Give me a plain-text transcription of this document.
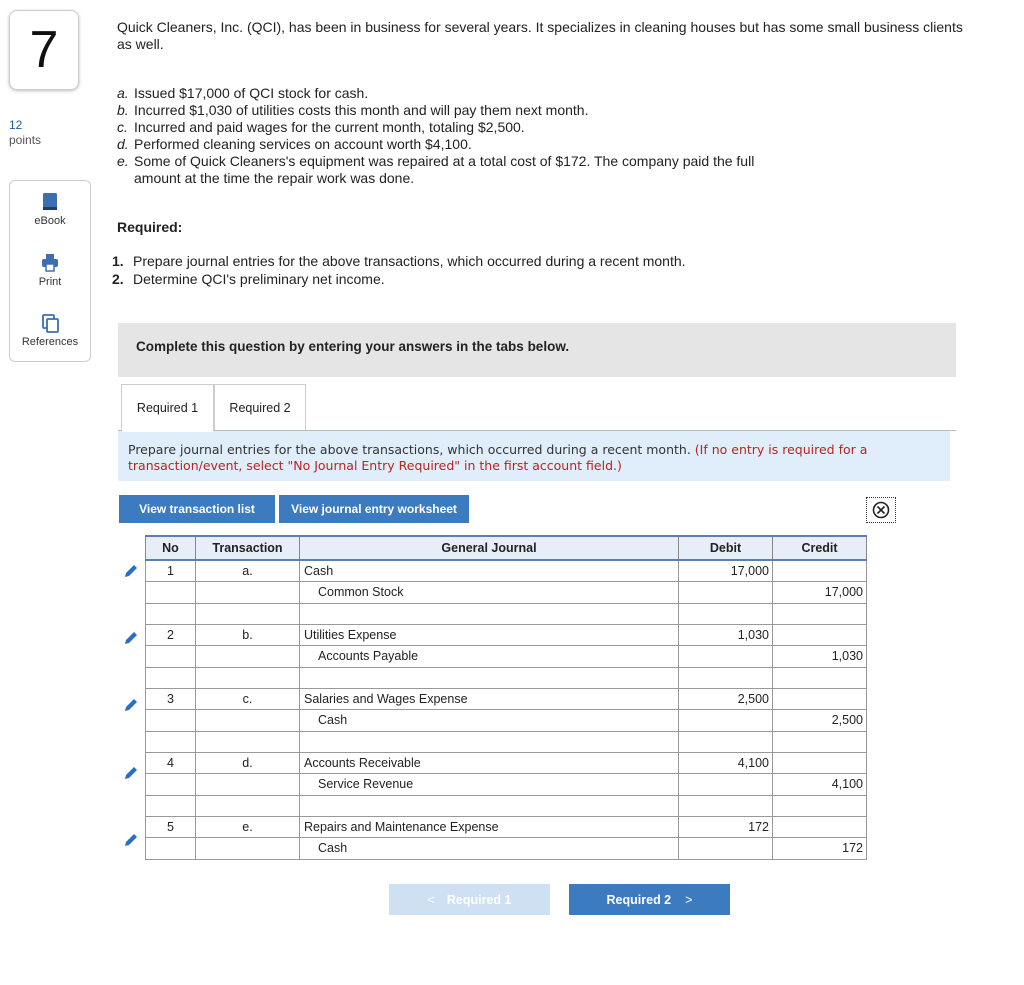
7
12
points
eBook
Print
References
Quick Cleaners, Inc. (QCI), has been in business for several years. It specializes in cleaning houses but has some small business clients as well.
a. Issued $17,000 of QCI stock for cash.
b. Incurred $1,030 of utilities costs this month and will pay them next month.
c. Incurred and paid wages for the current month, totaling $2,500.
d. Performed cleaning services on account worth $4,100.
e. Some of Quick Cleaners's equipment was repaired at a total cost of $172. The company paid the full amount at the time the repair work was done.
Required:
1. Prepare journal entries for the above transactions, which occurred during a recent month.
2. Determine QCI's preliminary net income.
Complete this question by entering your answers in the tabs below.
Required 1	Required 2
Prepare journal entries for the above transactions, which occurred during a recent month. (If no entry is required for a transaction/event, select "No Journal Entry Required" in the first account field.)
View transaction list	View journal entry worksheet
No	Transaction	General Journal	Debit	Credit
1	a.	Cash	17,000	
		Common Stock		17,000

2	b.	Utilities Expense	1,030	
		Accounts Payable		1,030

3	c.	Salaries and Wages Expense	2,500	
		Cash		2,500

4	d.	Accounts Receivable	4,100	
		Service Revenue		4,100

5	e.	Repairs and Maintenance Expense	172	
		Cash		172
< Required 1	Required 2 >
